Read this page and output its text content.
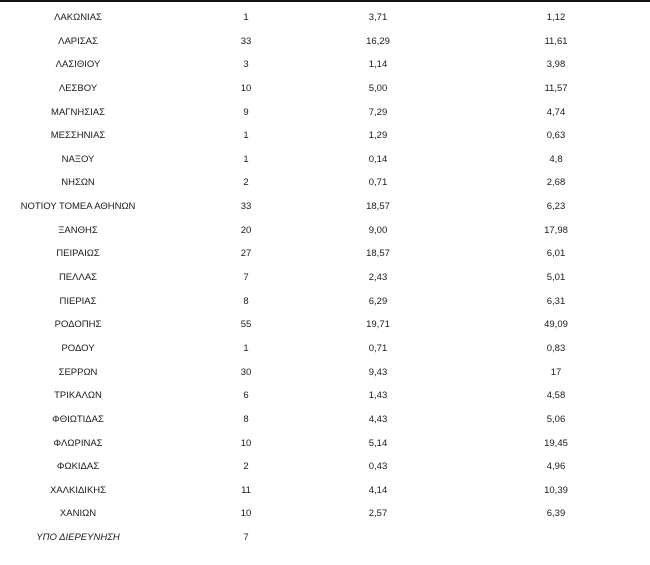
ΛΑΚΩΝΙΑΣ	1	3,71	1,12
ΛΑΡΙΣΑΣ	33	16,29	11,61
ΛΑΣΙΘΙΟΥ	3	1,14	3,98
ΛΕΣΒΟΥ	10	5,00	11,57
ΜΑΓΝΗΣΙΑΣ	9	7,29	4,74
ΜΕΣΣΗΝΙΑΣ	1	1,29	0,63
ΝΑΞΟΥ	1	0,14	4,8
ΝΗΣΩΝ	2	0,71	2,68
ΝΟΤΙΟΥ ΤΟΜΕΑ ΑΘΗΝΩΝ	33	18,57	6,23
ΞΑΝΘΗΣ	20	9,00	17,98
ΠΕΙΡΑΙΩΣ	27	18,57	6,01
ΠΕΛΛΑΣ	7	2,43	5,01
ΠΙΕΡΙΑΣ	8	6,29	6,31
ΡΟΔΟΠΗΣ	55	19,71	49,09
ΡΟΔΟΥ	1	0,71	0,83
ΣΕΡΡΩΝ	30	9,43	17
ΤΡΙΚΑΛΩΝ	6	1,43	4,58
ΦΘΙΩΤΙΔΑΣ	8	4,43	5,06
ΦΛΩΡΙΝΑΣ	10	5,14	19,45
ΦΩΚΙΔΑΣ	2	0,43	4,96
ΧΑΛΚΙΔΙΚΗΣ	11	4,14	10,39
ΧΑΝΙΩΝ	10	2,57	6,39
ΥΠΟ ΔΙΕΡΕΥΝΗΣΗ	7
